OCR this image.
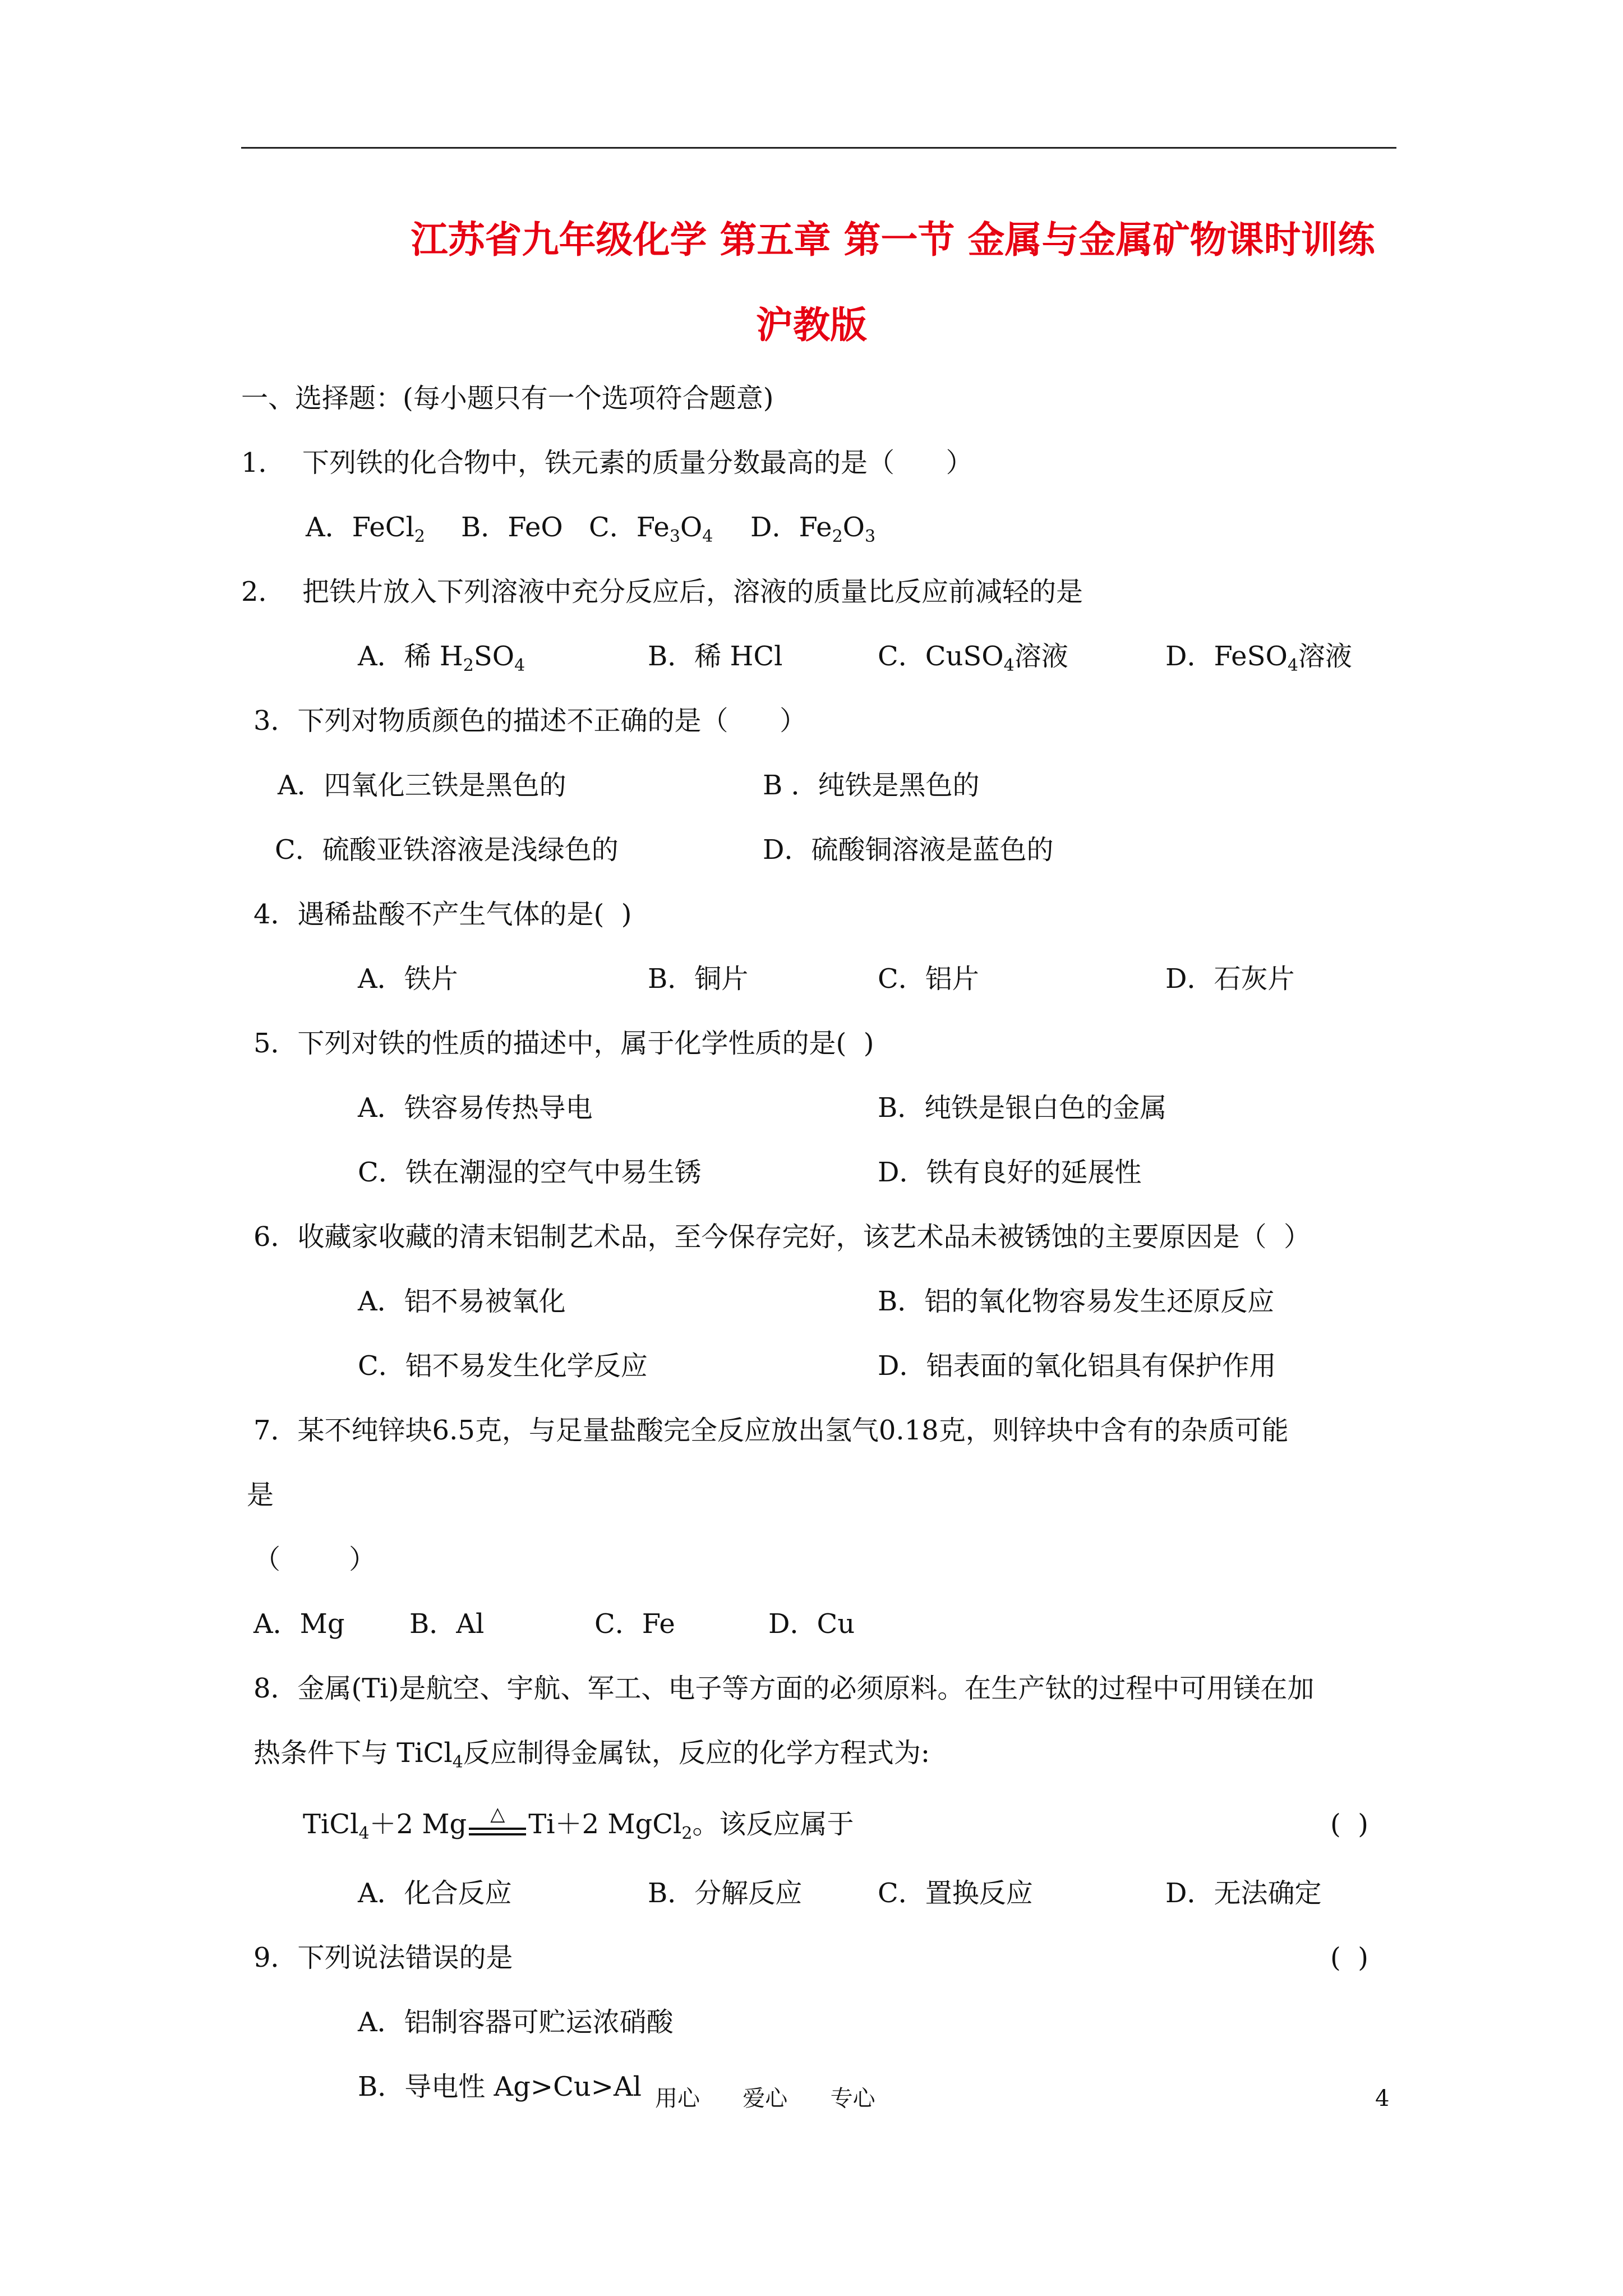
江苏省九年级化学 第五章 第一节 金属与金属矿物课时训练
沪教版
一、选择题：(每小题只有一个选项符合题意)
1．  下列铁的化合物中，铁元素的质量分数最高的是（      ）
A．FeCl$_2$ B．FeO C．$Fe_3O_4$ D．$Fe_2O_3$
2．  把铁片放入下列溶液中充分反应后，溶液的质量比反应前减轻的是
A．稀 $H_2SO_4$	B．稀 HCl	C．CuSO$_4$溶液	D．FeSO$_4$溶液
3．下列对物质颜色的描述不正确的是（      ）
A．四氧化三铁是黑色的	B ．纯铁是黑色的
C．硫酸亚铁溶液是浅绿色的	D．硫酸铜溶液是蓝色的
4．遇稀盐酸不产生气体的是(  )
A．铁片	B．铜片	C．铝片	D．石灰片
5．下列对铁的性质的描述中，属于化学性质的是(  )
A．铁容易传热导电	B．纯铁是银白色的金属
C．铁在潮湿的空气中易生锈	D．铁有良好的延展性
6．收藏家收藏的清末铝制艺术品，至今保存完好，该艺术品未被锈蚀的主要原因是（  ）
A．铝不易被氧化	B．铝的氧化物容易发生还原反应
C．铝不易发生化学反应	D．铝表面的氧化铝具有保护作用
7．某不纯锌块6.5克，与足量盐酸完全反应放出氢气0.18克，则锌块中含有的杂质可能
是
（        ）
A．Mg B．Al	C．Fe	D．Cu
8．金属(Ti)是航空、宇航、军工、电子等方面的必须原料。在生产钛的过程中可用镁在加
热条件下与 TiCl$_4$反应制得金属钛，反应的化学方程式为:
TiCl$_4$＋2 Mg △ Ti＋2 MgCl$_2$。该反应属于	(  )
A．化合反应	B．分解反应	C．置换反应	D．无法确定
9．下列说法错误的是	(  )
A．铝制容器可贮运浓硝酸
B．导电性 Ag>Cu>Al 用心      爱心      专心	4
